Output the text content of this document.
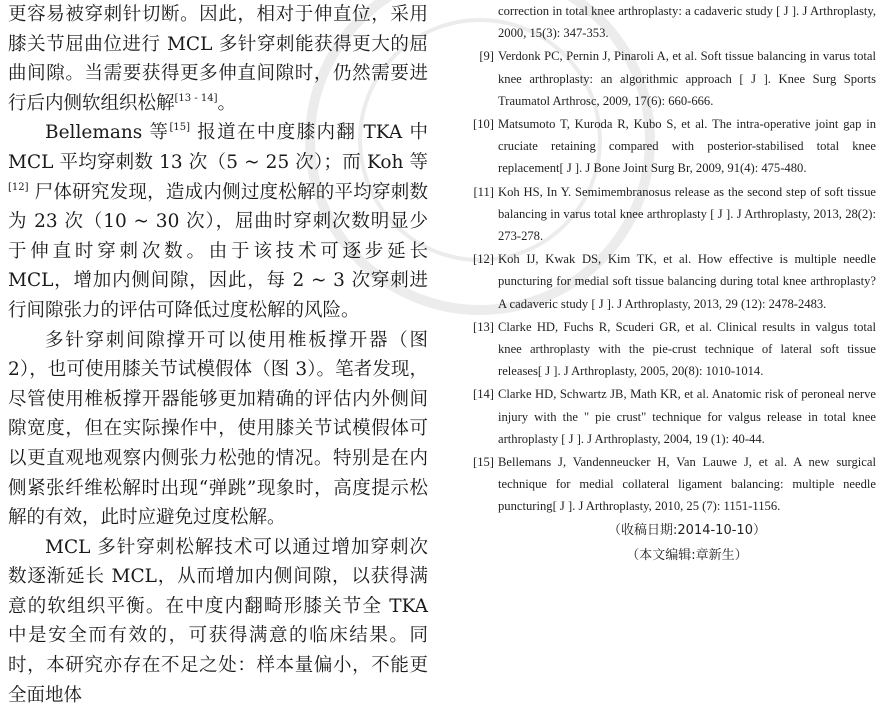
更容易被穿刺针切断。因此，相对于伸直位，采用膝关节屈曲位进行 MCL 多针穿刺能获得更大的屈曲间隙。当需要获得更多伸直间隙时，仍然需要进行后内侧软组织松解[13 - 14]。

Bellemans 等[15] 报道在中度膝内翻 TKA 中 MCL 平均穿刺数 13 次（5 ~ 25 次）；而 Koh 等[12] 尸体研究发现，造成内侧过度松解的平均穿刺数为 23 次（10 ~ 30 次），屈曲时穿刺次数明显少于伸直时穿刺次数。由于该技术可逐步延长 MCL，增加内侧间隙，因此，每 2 ~ 3 次穿刺进行间隙张力的评估可降低过度松解的风险。

多针穿刺间隙撑开可以使用椎板撑开器（图 2），也可使用膝关节试模假体（图 3）。笔者发现，尽管使用椎板撑开器能够更加精确的评估内外侧间隙宽度，但在实际操作中，使用膝关节试模假体可以更直观地观察内侧张力松弛的情况。特别是在内侧紧张纤维松解时出现“弹跳”现象时，高度提示松解的有效，此时应避免过度松解。

MCL 多针穿刺松解技术可以通过增加穿刺次数逐渐延长 MCL，从而增加内侧间隙，以获得满意的软组织平衡。在中度内翻畸形膝关节全 TKA 中是安全而有效的，可获得满意的临床结果。同时，本研究亦存在不足之处：样本量偏小，不能更全面地体

correction in total knee arthroplasty: a cadaveric study [ J ]. J Arthroplasty, 2000, 15(3): 347-353.

[9] Verdonk PC, Pernin J, Pinaroli A, et al. Soft tissue balancing in varus total knee arthroplasty: an algorithmic approach [ J ]. Knee Surg Sports Traumatol Arthrosc, 2009, 17(6): 660-666.

[10] Matsumoto T, Kuroda R, Kubo S, et al. The intra-operative joint gap in cruciate retaining compared with posterior-stabilised total knee replacement[ J ]. J Bone Joint Surg Br, 2009, 91(4): 475-480.

[11] Koh HS, In Y. Semimembranosus release as the second step of soft tissue balancing in varus total knee arthroplasty [ J ]. J Arthroplasty, 2013, 28(2): 273-278.

[12] Koh IJ, Kwak DS, Kim TK, et al. How effective is multiple needle puncturing for medial soft tissue balancing during total knee arthroplasty? A cadaveric study [ J ]. J Arthroplasty, 2013, 29 (12): 2478-2483.

[13] Clarke HD, Fuchs R, Scuderi GR, et al. Clinical results in valgus total knee arthroplasty with the pie-crust technique of lateral soft tissue releases[ J ]. J Arthroplasty, 2005, 20(8): 1010-1014.

[14] Clarke HD, Schwartz JB, Math KR, et al. Anatomic risk of peroneal nerve injury with the " pie crust" technique for valgus release in total knee arthroplasty [ J ]. J Arthroplasty, 2004, 19 (1): 40-44.

[15] Bellemans J, Vandenneucker H, Van Lauwe J, et al. A new surgical technique for medial collateral ligament balancing: multiple needle puncturing[ J ]. J Arthroplasty, 2010, 25 (7): 1151-1156.

（收稿日期:2014-10-10）
（本文编辑:章新生）
